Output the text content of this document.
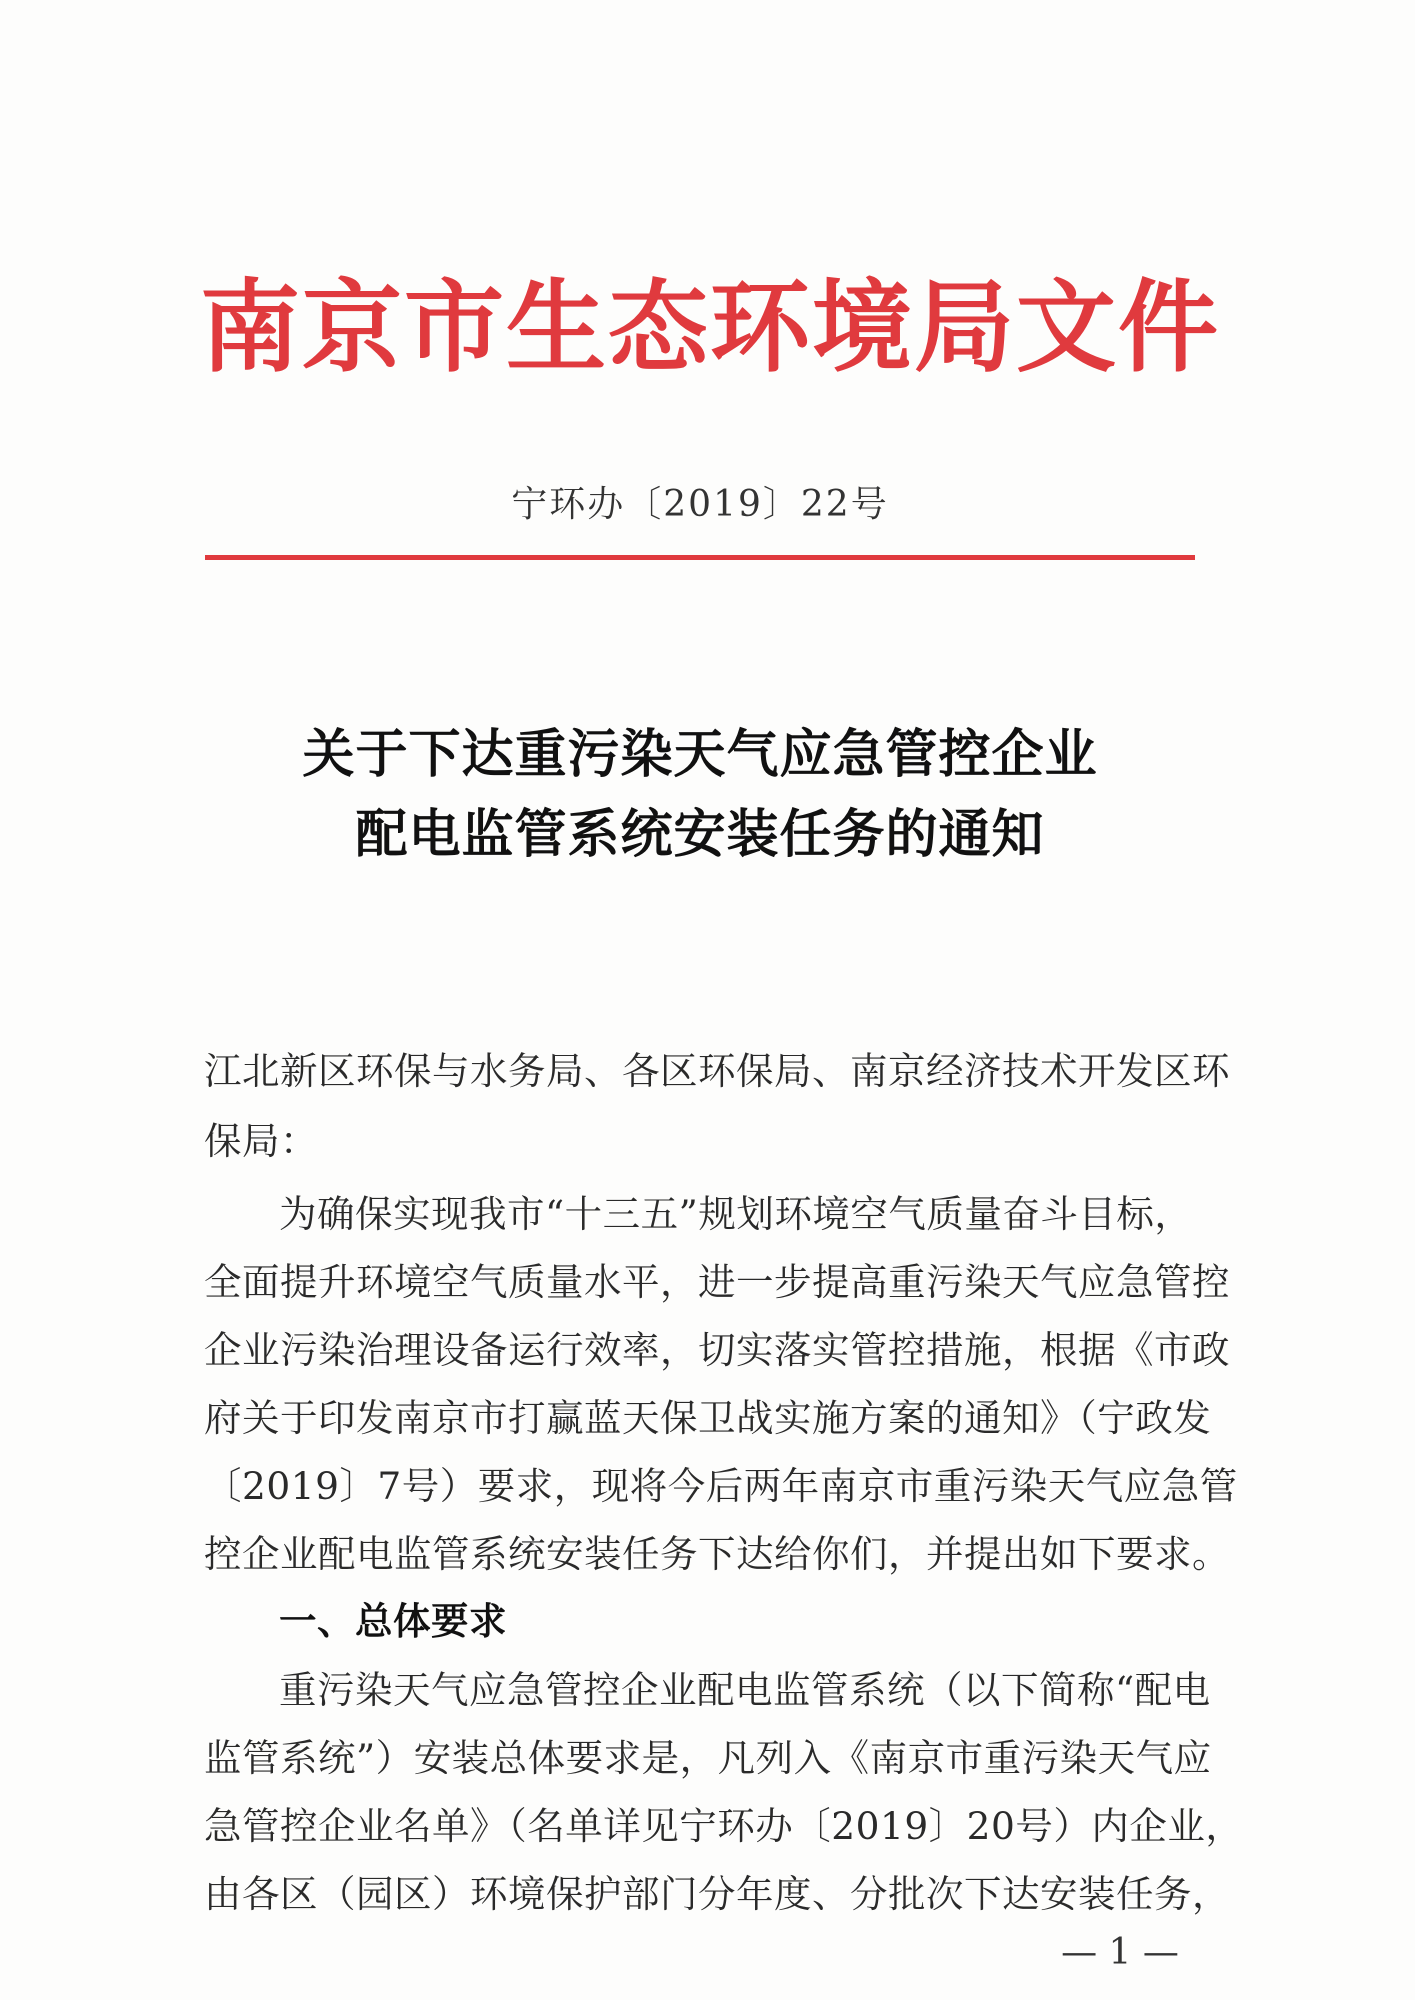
南京市生态环境局文件
宁环办〔2019〕22号
关于下达重污染天气应急管控企业
配电监管系统安装任务的通知
江北新区环保与水务局、各区环保局、南京经济技术开发区环
保局：
为确保实现我市“十三五”规划环境空气质量奋斗目标，
全面提升环境空气质量水平，进一步提高重污染天气应急管控
企业污染治理设备运行效率，切实落实管控措施，根据《市政
府关于印发南京市打赢蓝天保卫战实施方案的通知》（宁政发
〔2019〕7号）要求，现将今后两年南京市重污染天气应急管
控企业配电监管系统安装任务下达给你们，并提出如下要求。
一、总体要求
重污染天气应急管控企业配电监管系统（以下简称“配电
监管系统”）安装总体要求是，凡列入《南京市重污染天气应
急管控企业名单》（名单详见宁环办〔2019〕20号）内企业，
由各区（园区）环境保护部门分年度、分批次下达安装任务，
— 1 —
